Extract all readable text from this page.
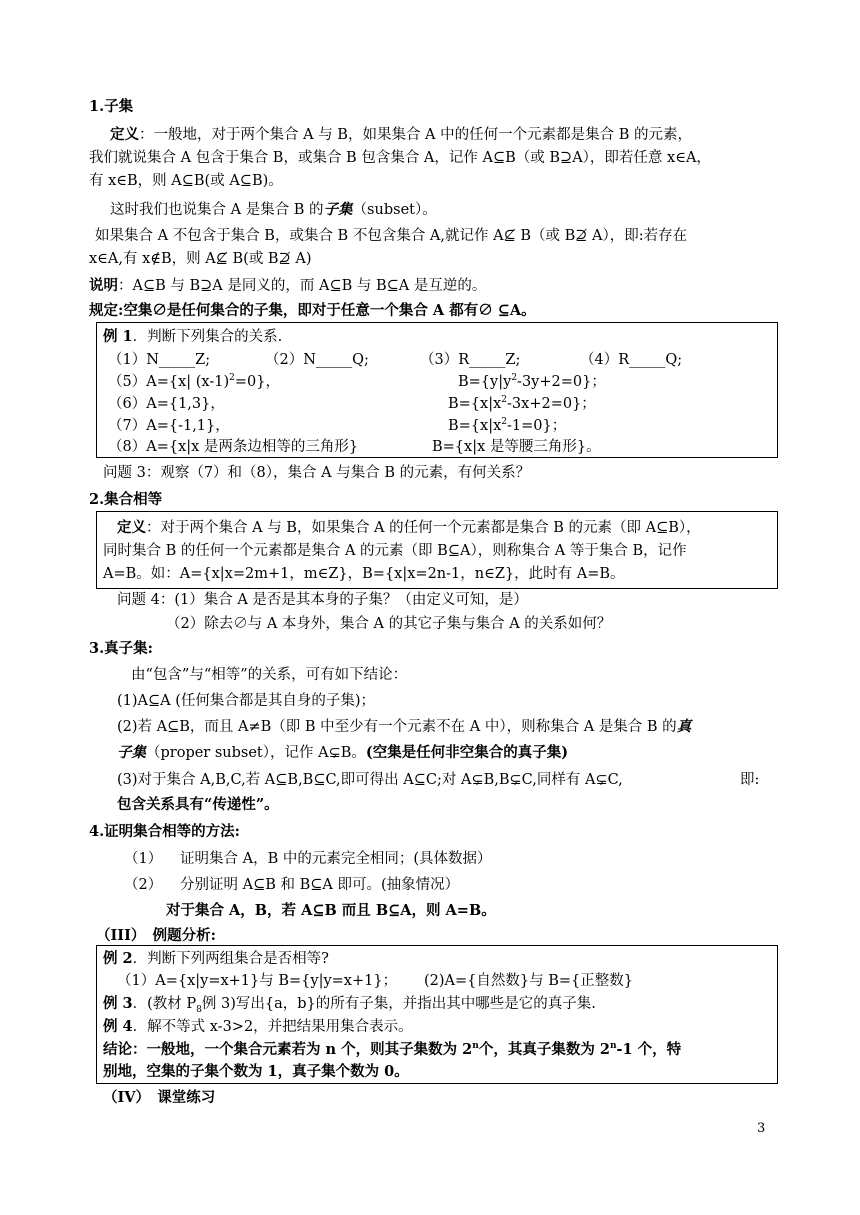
1.子集
定义：一般地，对于两个集合 A 与 B，如果集合 A 中的任何一个元素都是集合 B 的元素，
我们就说集合 A 包含于集合 B，或集合 B 包含集合 A，记作 A⊆B（或 B⊇A），即若任意 x∈A，
有 x∈B，则 A⊆B(或 A⊆B)。
这时我们也说集合 A 是集合 B 的子集（subset）。
如果集合 A 不包含于集合 B，或集合 B 不包含集合 A,就记作 A⊈ B（或 B⊉ A），即:若存在
x∈A,有 x∉B，则 A⊈ B(或 B⊉ A)
说明：A⊆B 与 B⊇A 是同义的，而 A⊆B 与 B⊆A 是互逆的。
规定:空集∅是任何集合的子集，即对于任意一个集合 A 都有∅ ⊆A。
例 1．判断下列集合的关系.
（1）N_____Z;	（2）N_____Q;	（3）R_____Z;	（4）R_____Q;
（5）A={x| $(x-1)^2=0$}，	$B=\{y|y^2-3y+2=0\}$；
（6）A={1,3}，	$B=\{x|x^2-3x+2=0\}$；
（7）A={-1,1}，	$B=\{x|x^2-1=0\}$；
（8）A={x|x 是两条边相等的三角形}	B={x|x 是等腰三角形}。
问题 3：观察（7）和（8），集合 A 与集合 B 的元素，有何关系？
2.集合相等
定义：对于两个集合 A 与 B，如果集合 A 的任何一个元素都是集合 B 的元素（即 A⊆B），
同时集合 B 的任何一个元素都是集合 A 的元素（即 B⊆A），则称集合 A 等于集合 B，记作
A=B。如：A={x|x=2m+1，m∈Z}，B={x|x=2n-1，n∈Z}，此时有 A=B。
问题 4：(1）集合 A 是否是其本身的子集？（由定义可知，是）
（2）除去∅与 A 本身外，集合 A 的其它子集与集合 A 的关系如何？
3.真子集:
由“包含”与“相等”的关系，可有如下结论：
(1)A⊆A (任何集合都是其自身的子集)；
(2)若 A⊆B，而且 A≠B（即 B 中至少有一个元素不在 A 中），则称集合 A 是集合 B 的真
子集（proper subset），记作 A⊊B。(空集是任何非空集合的真子集)
(3)对于集合 A,B,C,若 A⊆B,B⊆C,即可得出 A⊆C;对 A⊊B,B⊊C,同样有 A⊊C,	即:
包含关系具有“传递性”。
4.证明集合相等的方法:
（1） 证明集合 A，B 中的元素完全相同；(具体数据）
（2） 分别证明 A⊆B 和 B⊆A 即可。(抽象情况）
对于集合 A，B，若 A⊆B 而且 B⊆A，则 A=B。
（III）　例题分析:
例 2．判断下列两组集合是否相等?
（1）A={x|y=x+1}与 B={y|y=x+1}； (2)A={自然数}与 B={正整数}
例 3．(教材 $P_8$例 3)写出{a，b}的所有子集，并指出其中哪些是它的真子集.
例 4．解不等式 x-3>2，并把结果用集合表示。
结论：一般地，一个集合元素若为 n 个，则其子集数为 2$^n$个，其真子集数为 2$^n$-1 个，特
别地，空集的子集个数为 1，真子集个数为 0。
（IV）　课堂练习
3
